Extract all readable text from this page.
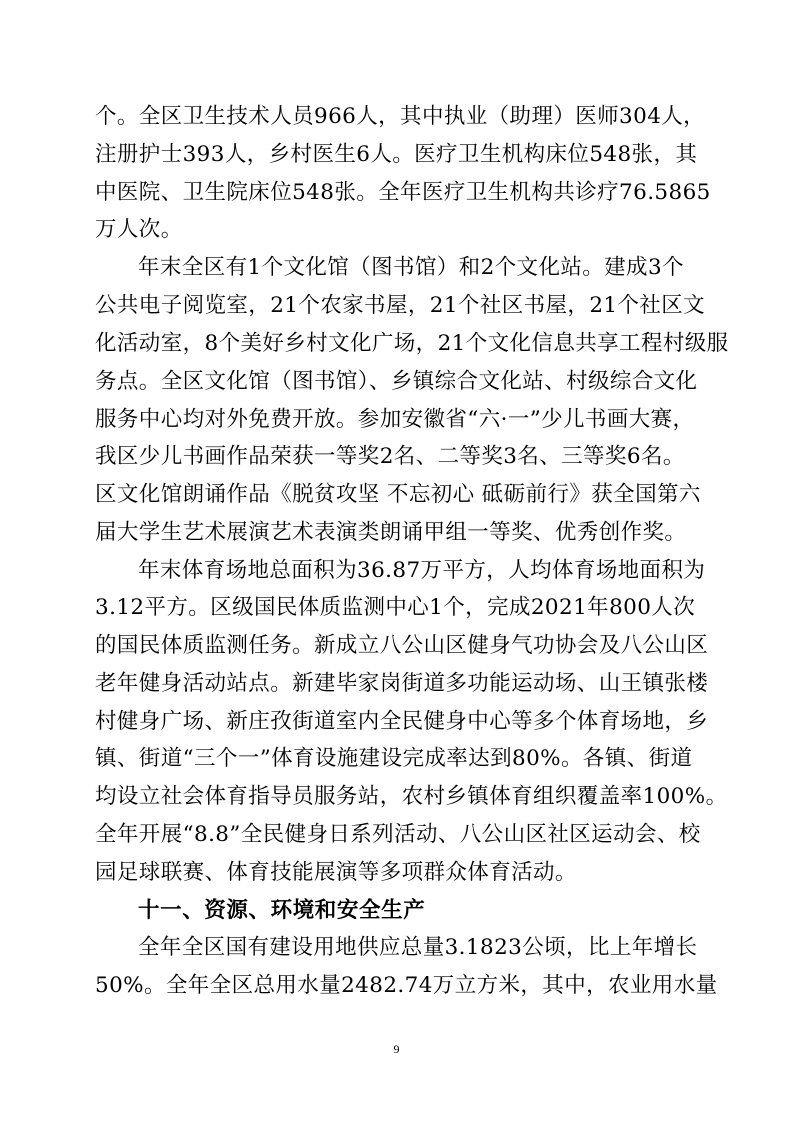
个。全区卫生技术人员966人，其中执业（助理）医师304人，
注册护士393人，乡村医生6人。医疗卫生机构床位548张，其
中医院、卫生院床位548张。全年医疗卫生机构共诊疗76.5865
万人次。
年末全区有1个文化馆（图书馆）和2个文化站。建成3个
公共电子阅览室，21个农家书屋，21个社区书屋，21个社区文
化活动室，8个美好乡村文化广场，21个文化信息共享工程村级服
务点。全区文化馆（图书馆）、乡镇综合文化站、村级综合文化
服务中心均对外免费开放。参加安徽省“六·一”少儿书画大赛，
我区少儿书画作品荣获一等奖2名、二等奖3名、三等奖6名。
区文化馆朗诵作品《脱贫攻坚 不忘初心 砥砺前行》获全国第六
届大学生艺术展演艺术表演类朗诵甲组一等奖、优秀创作奖。
年末体育场地总面积为36.87万平方，人均体育场地面积为
3.12平方。区级国民体质监测中心1个，完成2021年800人次
的国民体质监测任务。新成立八公山区健身气功协会及八公山区
老年健身活动站点。新建毕家岗街道多功能运动场、山王镇张楼
村健身广场、新庄孜街道室内全民健身中心等多个体育场地，乡
镇、街道“三个一”体育设施建设完成率达到80%。各镇、街道
均设立社会体育指导员服务站，农村乡镇体育组织覆盖率100%。
全年开展“8.8”全民健身日系列活动、八公山区社区运动会、校
园足球联赛、体育技能展演等多项群众体育活动。
十一、资源、环境和安全生产
全年全区国有建设用地供应总量3.1823公顷，比上年增长
50%。全年全区总用水量2482.74万立方米，其中，农业用水量
9
